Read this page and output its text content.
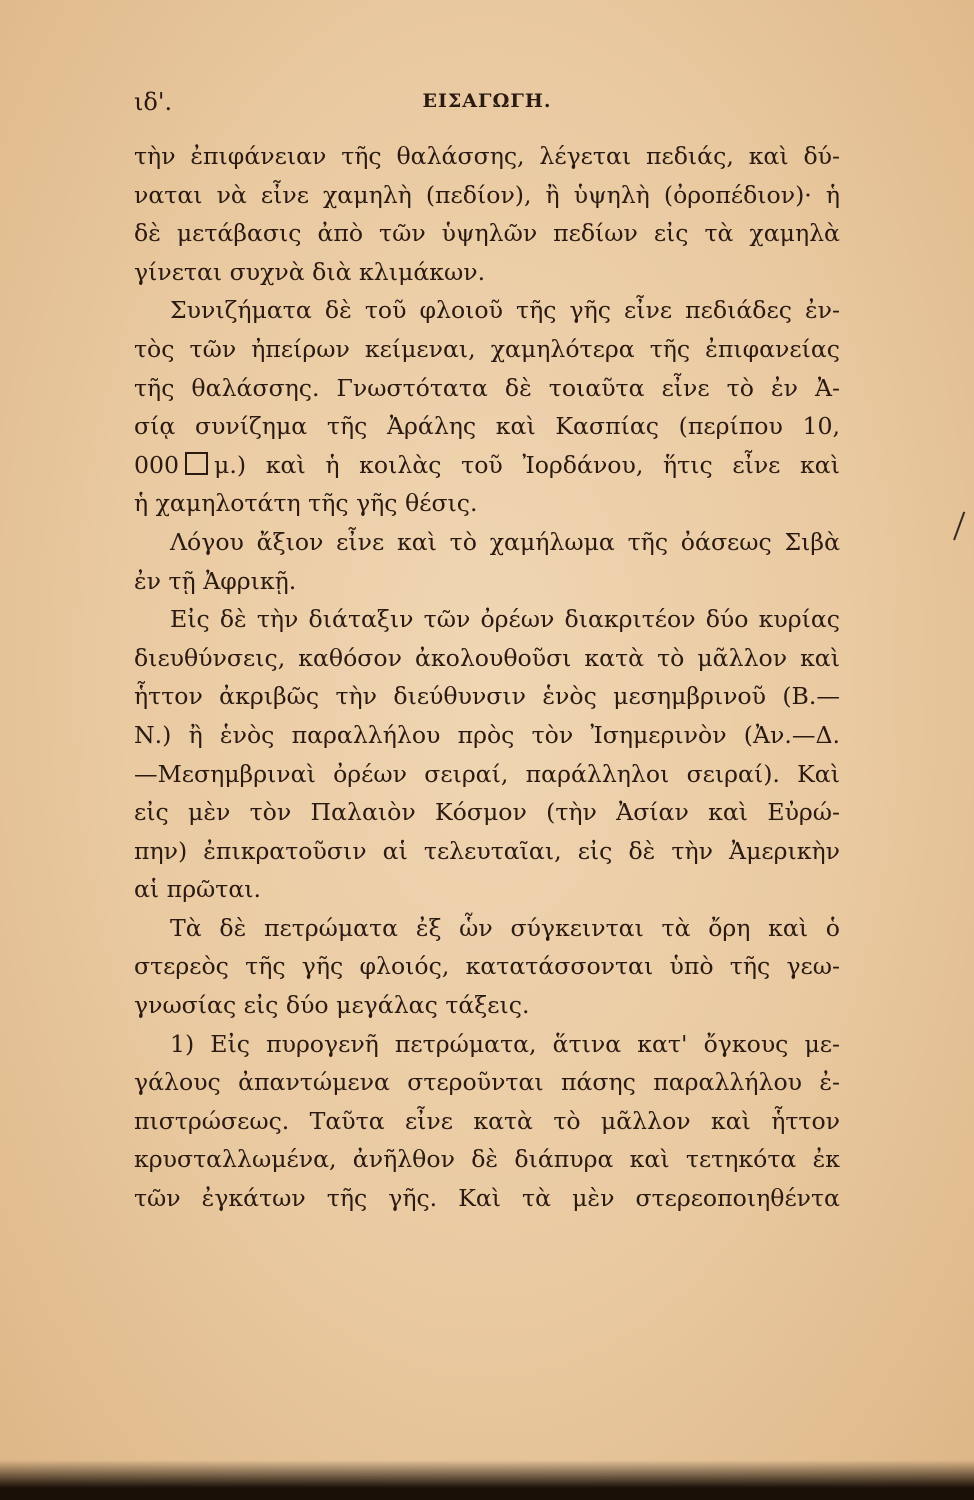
ιδ'.	ΕΙΣΑΓΩΓΗ.
τὴν ἐπιφάνειαν τῆς θαλάσσης, λέγεται πεδιάς, καὶ δύ-
ναται νὰ εἶνε χαμηλὴ (πεδίον), ἢ ὑψηλὴ (ὀροπέδιον)· ἡ
δὲ μετάβασις ἀπὸ τῶν ὑψηλῶν πεδίων εἰς τὰ χαμηλὰ
γίνεται συχνὰ διὰ κλιμάκων.
Συνιζήματα δὲ τοῦ φλοιοῦ τῆς γῆς εἶνε πεδιάδες ἐν-
τὸς τῶν ἠπείρων κείμεναι, χαμηλότερα τῆς ἐπιφανείας
τῆς θαλάσσης. Γνωστότατα δὲ τοιαῦτα εἶνε τὸ ἐν Ἀ-
σίᾳ συνίζημα τῆς Ἀράλης καὶ Κασπίας (περίπου 10,
000 μ.) καὶ ἡ κοιλὰς τοῦ Ἰορδάνου, ἥτις εἶνε καὶ
ἡ χαμηλοτάτη τῆς γῆς θέσις.
Λόγου ἄξιον εἶνε καὶ τὸ χαμήλωμα τῆς ὀάσεως Σιβὰ
ἐν τῇ Ἀφρικῇ.
Εἰς δὲ τὴν διάταξιν τῶν ὀρέων διακριτέον δύο κυρίας
διευθύνσεις, καθόσον ἀκολουθοῦσι κατὰ τὸ μᾶλλον καὶ
ἧττον ἀκριβῶς τὴν διεύθυνσιν ἑνὸς μεσημβρινοῦ (Β.—
Ν.) ἢ ἑνὸς παραλλήλου πρὸς τὸν Ἰσημερινὸν (Ἀν.—Δ.
—Μεσημβριναὶ ὀρέων σειραί, παράλληλοι σειραί). Καὶ
εἰς μὲν τὸν Παλαιὸν Κόσμον (τὴν Ἀσίαν καὶ Εὐρώ-
πην) ἐπικρατοῦσιν αἱ τελευταῖαι, εἰς δὲ τὴν Ἀμερικὴν
αἱ πρῶται.
Τὰ δὲ πετρώματα ἐξ ὧν σύγκεινται τὰ ὄρη καὶ ὁ
στερεὸς τῆς γῆς φλοιός, κατατάσσονται ὑπὸ τῆς γεω-
γνωσίας εἰς δύο μεγάλας τάξεις.
1) Εἰς πυρογενῆ πετρώματα, ἅτινα κατ' ὄγκους με-
γάλους ἀπαντώμενα στεροῦνται πάσης παραλλήλου ἐ-
πιστρώσεως. Ταῦτα εἶνε κατὰ τὸ μᾶλλον καὶ ἧττον
κρυσταλλωμένα, ἀνῆλθον δὲ διάπυρα καὶ τετηκότα ἐκ
τῶν ἐγκάτων τῆς γῆς. Καὶ τὰ μὲν στερεοποιηθέντα
